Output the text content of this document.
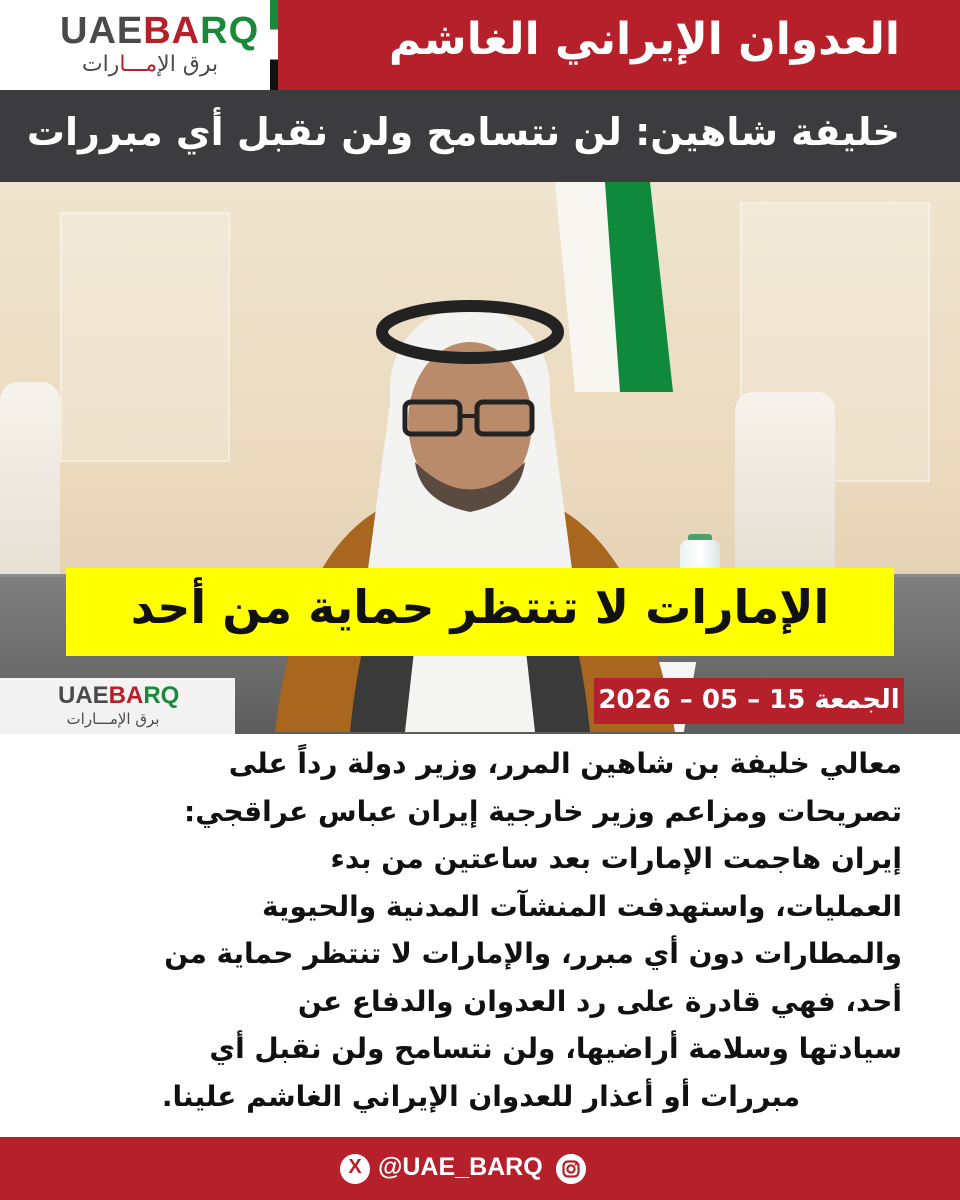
UAEBARQ
برق الإمـــارات	العدوان الإيراني الغاشم
خليفة شاهين: لن نتسامح ولن نقبل أي مبررات
الإمارات لا تنتظر حماية من أحد
UAEBARQ
برق الإمـــارات
الجمعة 15 – 05 – 2026
معالي خليفة بن شاهين المرر، وزير دولة رداً على
تصريحات ومزاعم وزير خارجية إيران عباس عراقجي:
إيران هاجمت الإمارات بعد ساعتين من بدء
العمليات، واستهدفت المنشآت المدنية والحيوية
والمطارات دون أي مبرر، والإمارات لا تنتظر حماية من
أحد، فهي قادرة على رد العدوان والدفاع عن
سيادتها وسلامة أراضيها، ولن نتسامح ولن نقبل أي
مبررات أو أعذار للعدوان الإيراني الغاشم علينا.
X @UAE_BARQ
